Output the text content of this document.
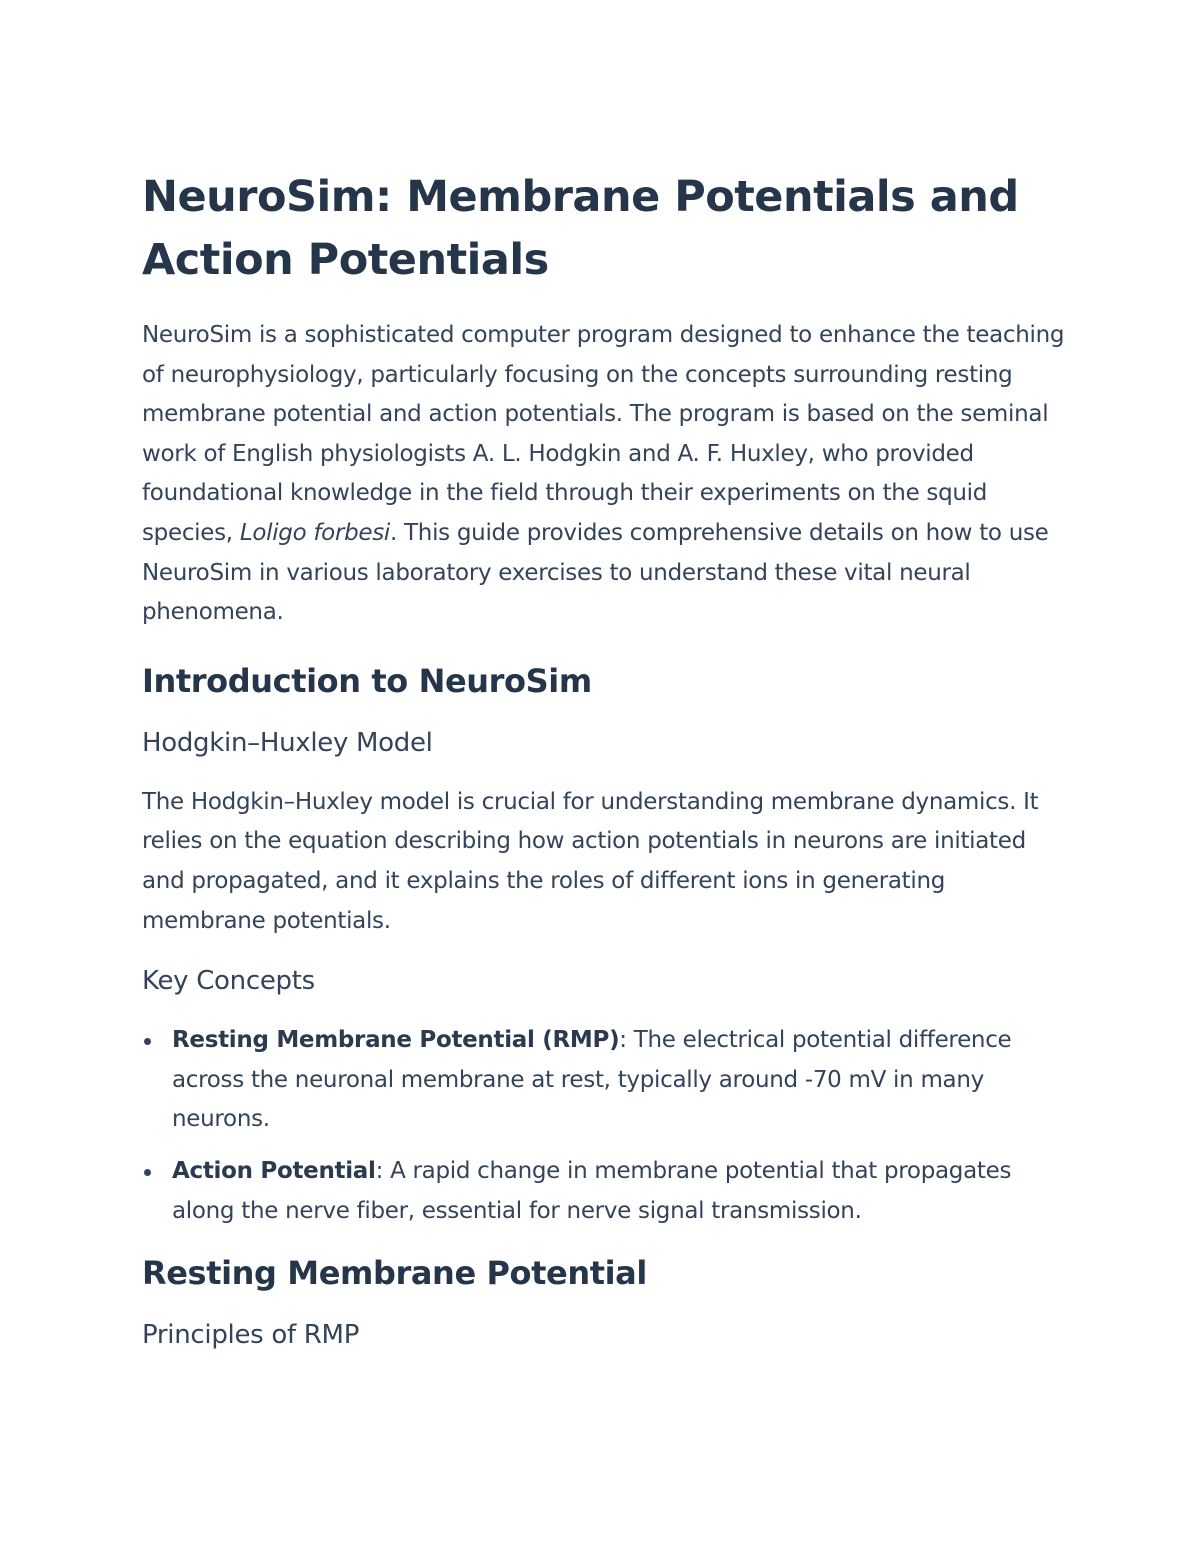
NeuroSim: Membrane Potentials and Action Potentials

NeuroSim is a sophisticated computer program designed to enhance the teaching of neurophysiology, particularly focusing on the concepts surrounding resting membrane potential and action potentials. The program is based on the seminal work of English physiologists A. L. Hodgkin and A. F. Huxley, who provided foundational knowledge in the field through their experiments on the squid species, Loligo forbesi. This guide provides comprehensive details on how to use NeuroSim in various laboratory exercises to understand these vital neural phenomena.

Introduction to NeuroSim
Hodgkin–Huxley Model

The Hodgkin–Huxley model is crucial for understanding membrane dynamics. It relies on the equation describing how action potentials in neurons are initiated and propagated, and it explains the roles of different ions in generating membrane potentials.

Key Concepts
Resting Membrane Potential (RMP): The electrical potential difference across the neuronal membrane at rest, typically around -70 mV in many neurons.
Action Potential: A rapid change in membrane potential that propagates along the nerve fiber, essential for nerve signal transmission.
Resting Membrane Potential
Principles of RMP
